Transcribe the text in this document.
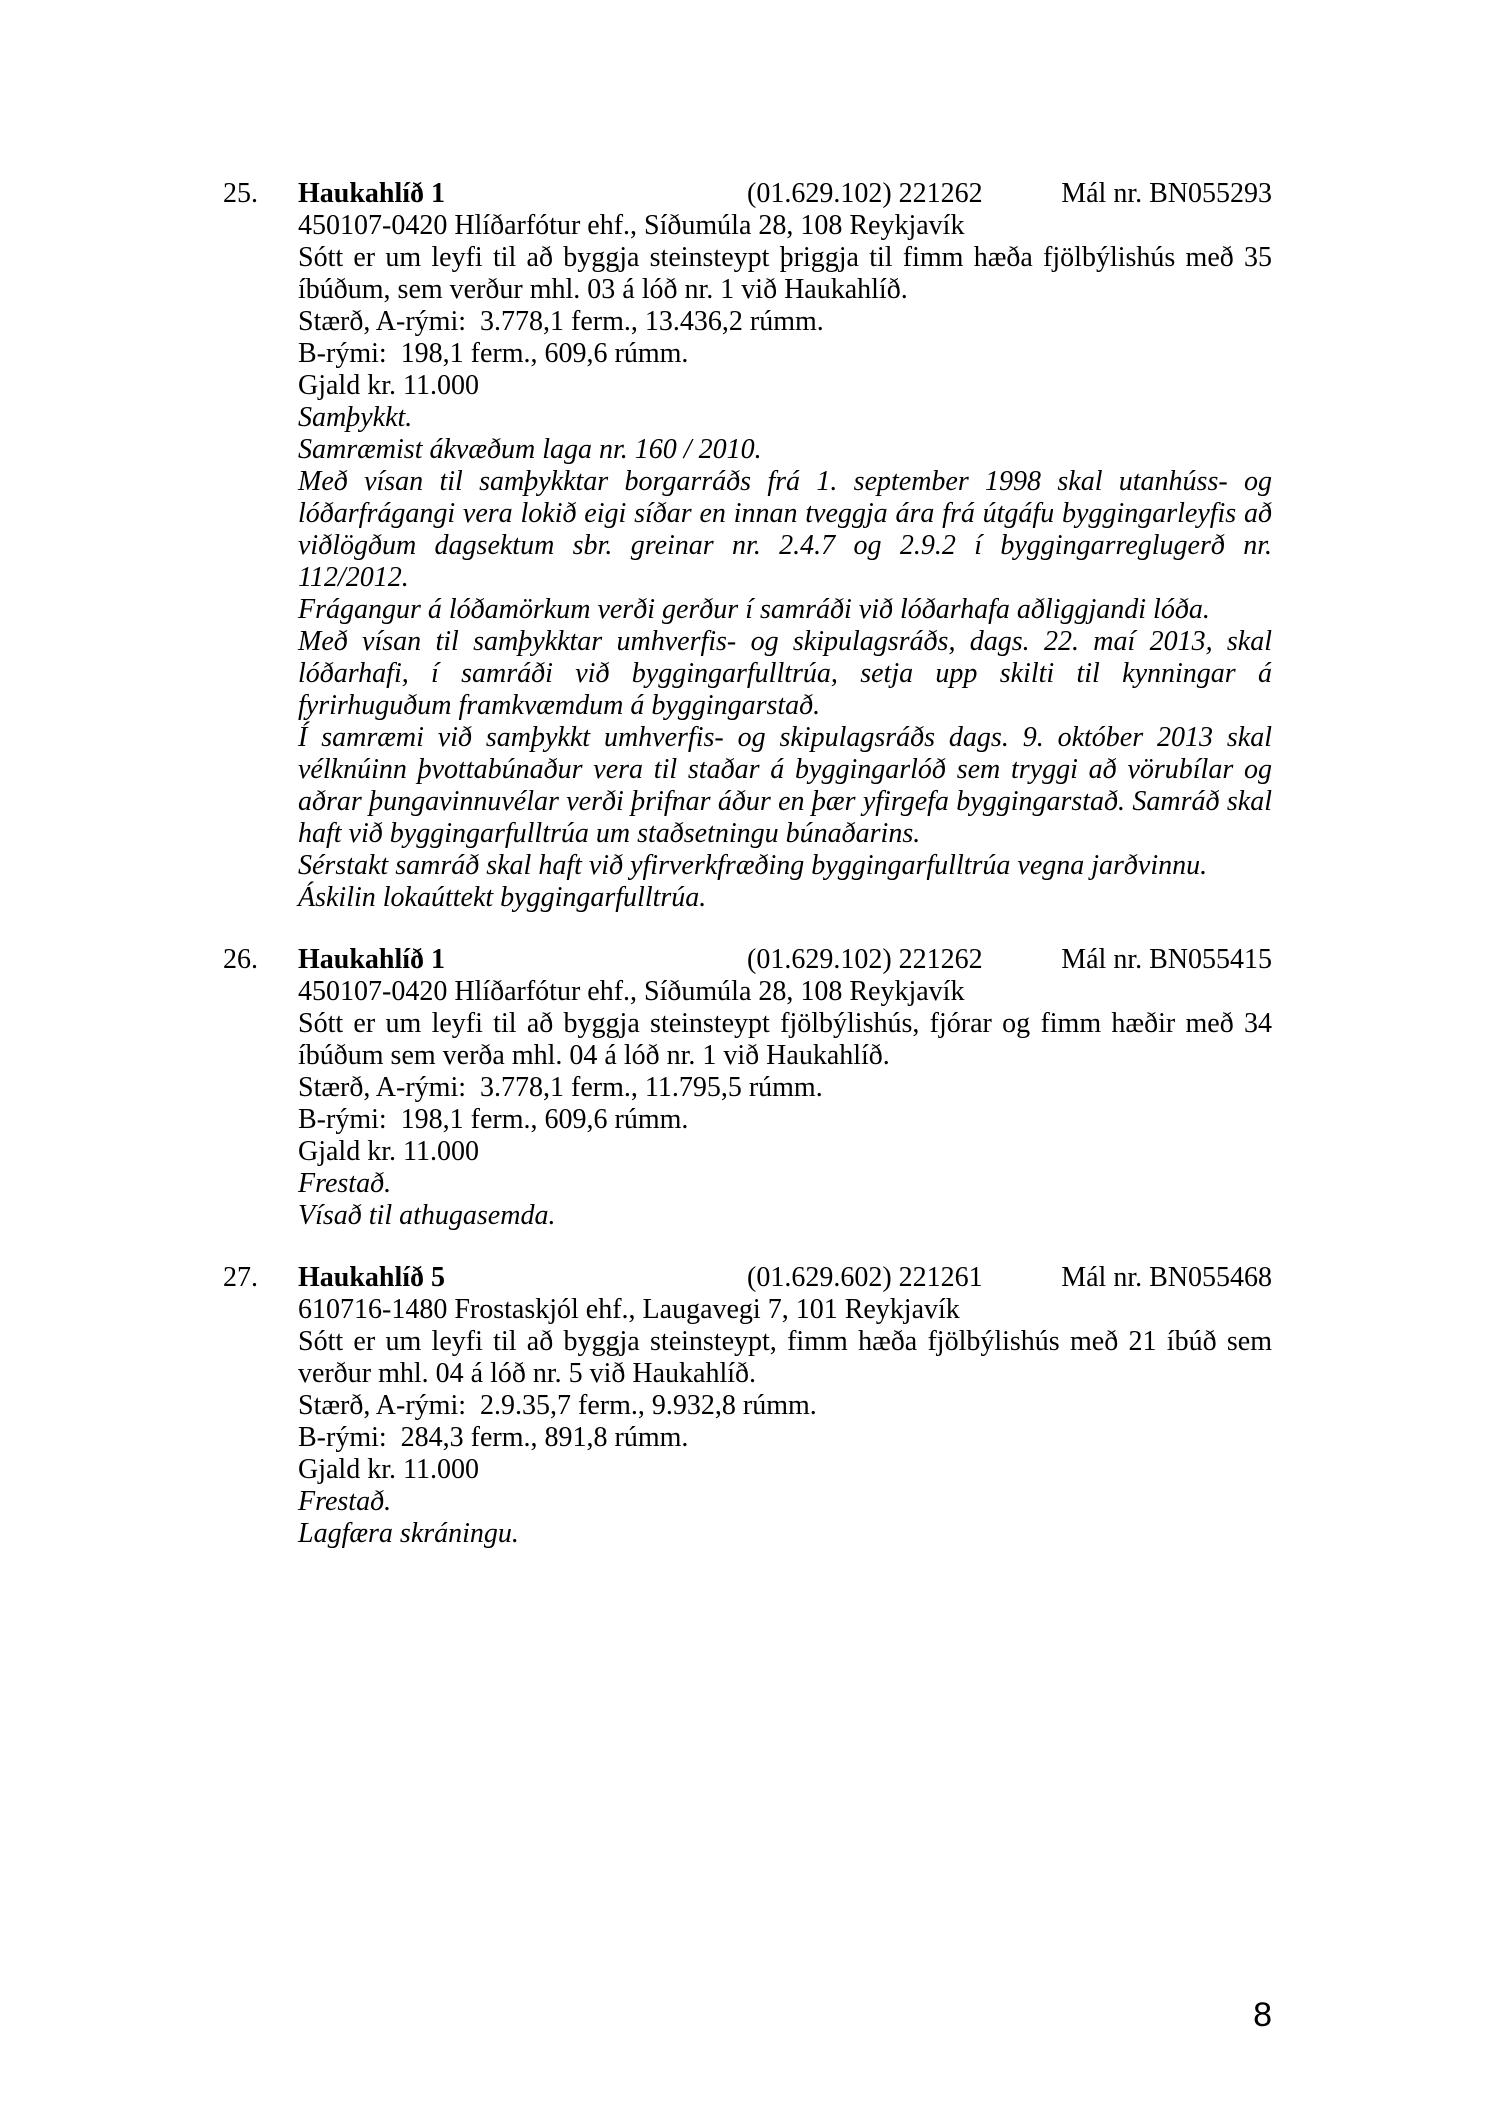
25. Haukahlíð 1	(01.629.102) 221262	Mál nr. BN055293

450107-0420 Hlíðarfótur ehf., Síðumúla 28, 108 Reykjavík

Sótt er um leyfi til að byggja steinsteypt þriggja til fimm hæða fjölbýlishús með 35 íbúðum, sem verður mhl. 03 á lóð nr. 1 við Haukahlíð.

Stærð, A-rými:  3.778,1 ferm., 13.436,2 rúmm.

B-rými:  198,1 ferm., 609,6 rúmm.

Gjald kr. 11.000

Samþykkt.

Samræmist ákvæðum laga nr. 160 / 2010.

Með vísan til samþykktar borgarráðs frá 1. september 1998 skal utanhúss- og lóðarfrágangi vera lokið eigi síðar en innan tveggja ára frá útgáfu byggingarleyfis að viðlögðum dagsektum sbr. greinar nr. 2.4.7 og 2.9.2 í byggingarreglugerð nr. 112/2012.

Frágangur á lóðamörkum verði gerður í samráði við lóðarhafa aðliggjandi lóða.

Með vísan til samþykktar umhverfis- og skipulagsráðs, dags. 22. maí 2013, skal lóðarhafi, í samráði við byggingarfulltrúa, setja upp skilti til kynningar á fyrirhuguðum framkvæmdum á byggingarstað.

Í samræmi við samþykkt umhverfis- og skipulagsráðs dags. 9. október 2013 skal vélknúinn þvottabúnaður vera til staðar á byggingarlóð sem tryggi að vörubílar og aðrar þungavinnuvélar verði þrifnar áður en þær yfirgefa byggingarstað. Samráð skal haft við byggingarfulltrúa um staðsetningu búnaðarins.

Sérstakt samráð skal haft við yfirverkfræðing byggingarfulltrúa vegna jarðvinnu.

Áskilin lokaúttekt byggingarfulltrúa.

26. Haukahlíð 1	(01.629.102) 221262	Mál nr. BN055415

450107-0420 Hlíðarfótur ehf., Síðumúla 28, 108 Reykjavík

Sótt er um leyfi til að byggja steinsteypt fjölbýlishús, fjórar og fimm hæðir með 34 íbúðum sem verða mhl. 04 á lóð nr. 1 við Haukahlíð.

Stærð, A-rými:  3.778,1 ferm., 11.795,5 rúmm.

B-rými:  198,1 ferm., 609,6 rúmm.

Gjald kr. 11.000

Frestað.

Vísað til athugasemda.

27. Haukahlíð 5	(01.629.602) 221261	Mál nr. BN055468

610716-1480 Frostaskjól ehf., Laugavegi 7, 101 Reykjavík

Sótt er um leyfi til að byggja steinsteypt, fimm hæða fjölbýlishús með 21 íbúð sem verður mhl. 04 á lóð nr. 5 við Haukahlíð.

Stærð, A-rými:  2.9.35,7 ferm., 9.932,8 rúmm.

B-rými:  284,3 ferm., 891,8 rúmm.

Gjald kr. 11.000

Frestað.

Lagfæra skráningu.

8
